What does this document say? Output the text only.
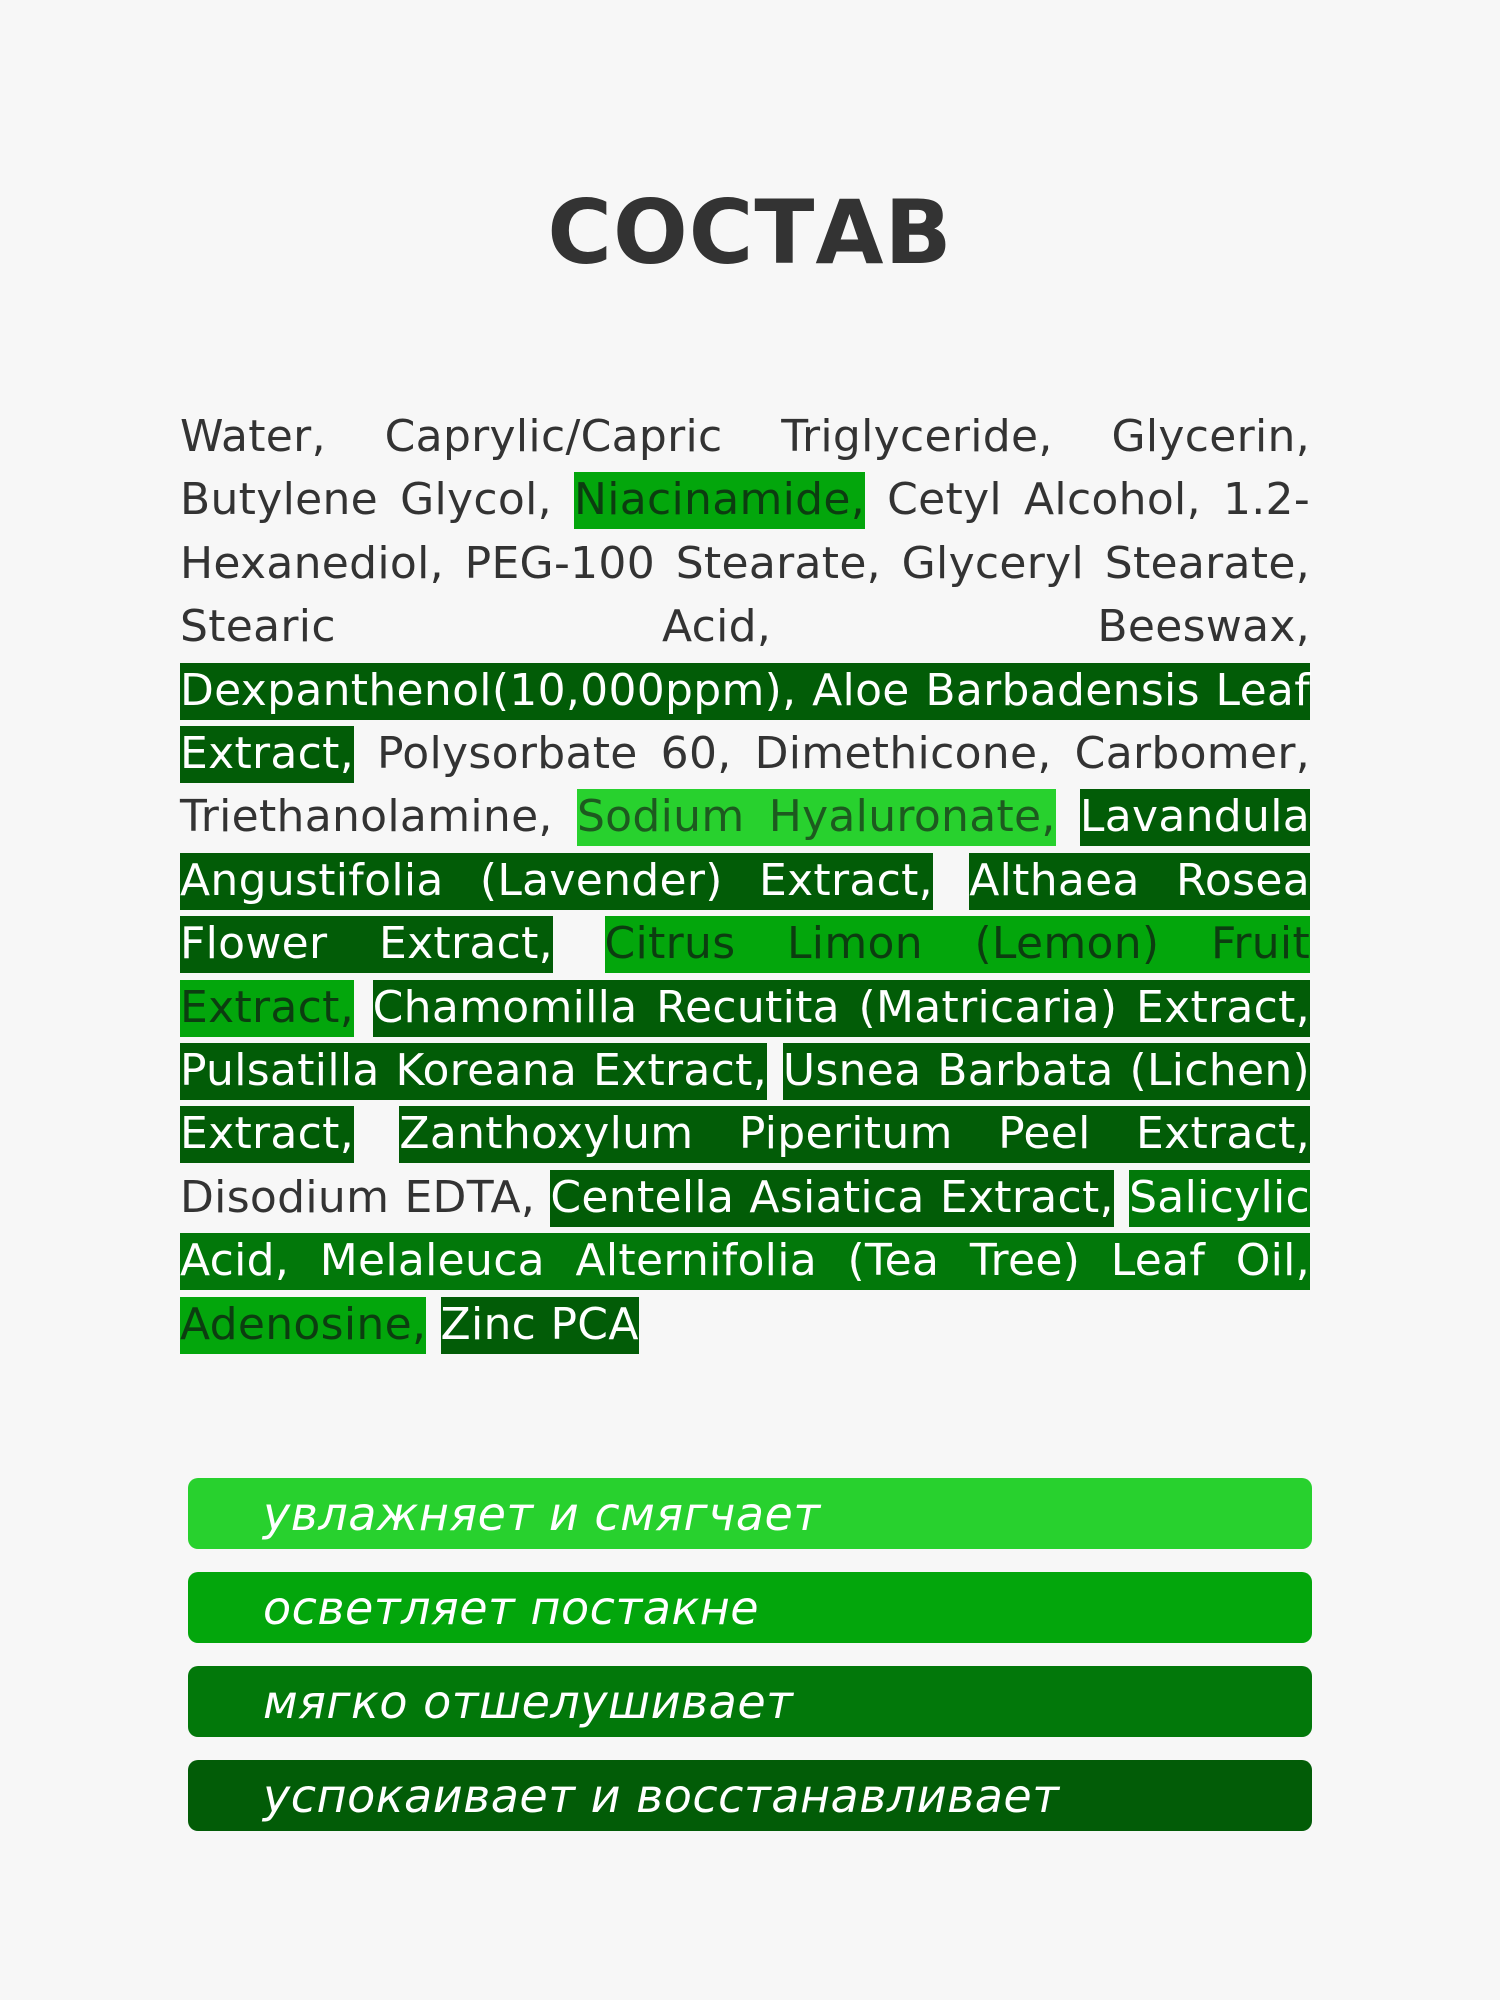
СОСТАВ
Water, Caprylic/Capric Triglyceride, Glycerin, Butylene Glycol, Niacinamide, Cetyl Alcohol, 1.2-Hexanediol, PEG-100 Stearate, Glyceryl Stearate, Stearic Acid, Beeswax, Dexpanthenol(10,000ppm), Aloe Barbadensis Leaf Extract, Polysorbate 60, Dimethicone, Carbomer, Triethanolamine, Sodium Hyaluronate, Lavandula Angustifolia (Lavender) Extract, Althaea Rosea Flower Extract, Citrus Limon (Lemon) Fruit Extract, Chamomilla Recutita (Matricaria) Extract, Pulsatilla Koreana Extract, Usnea Barbata (Lichen) Extract, Zanthoxylum Piperitum Peel Extract, Disodium EDTA, Centella Asiatica Extract, Salicylic Acid, Melaleuca Alternifolia (Tea Tree) Leaf Oil, Adenosine, Zinc PCA
увлажняет и смягчает
осветляет постакне
мягко отшелушивает
успокаивает и восстанавливает
